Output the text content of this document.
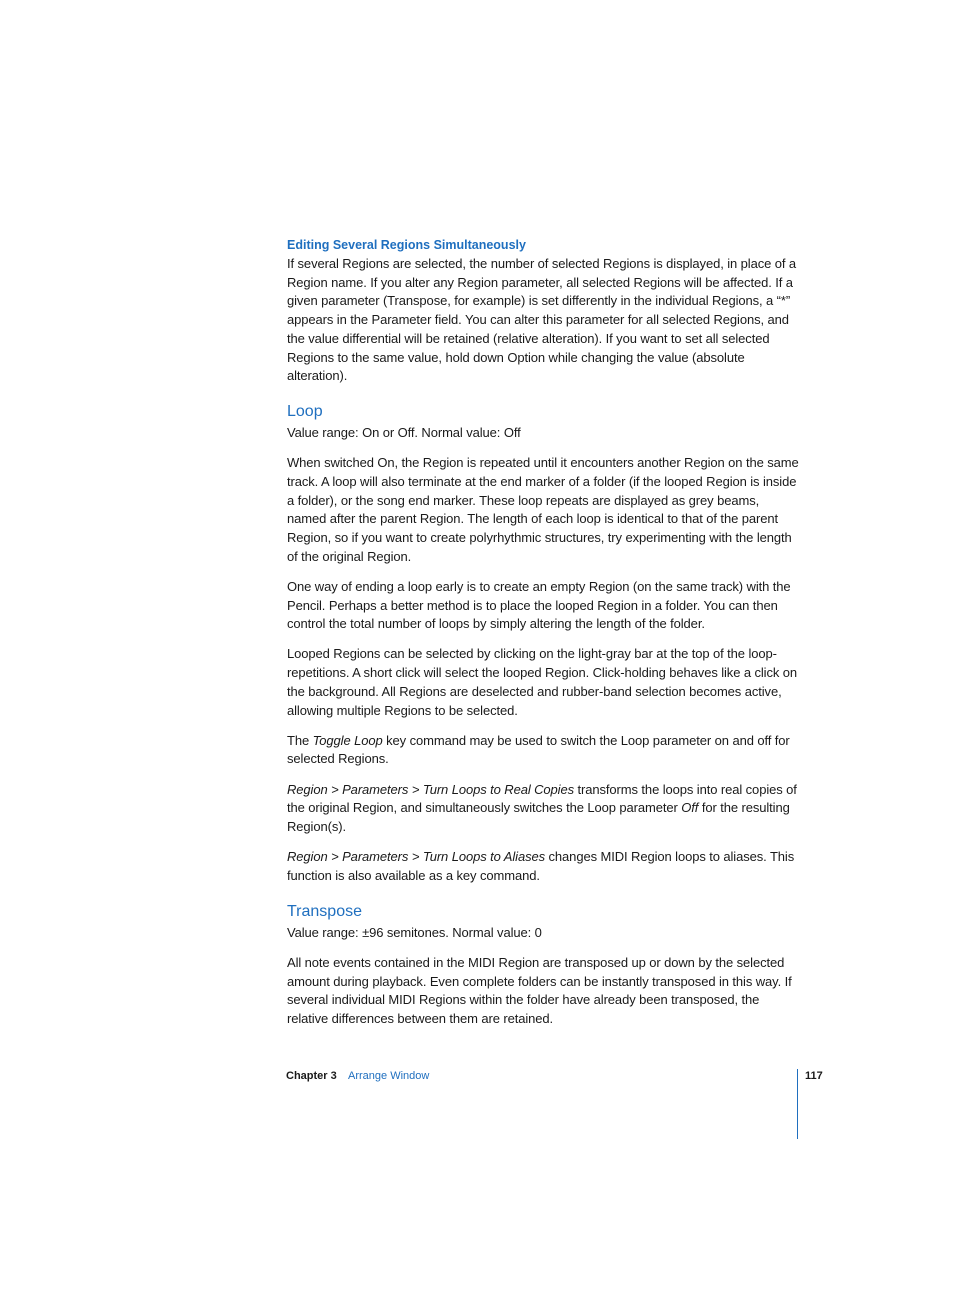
Editing Several Regions Simultaneously

If several Regions are selected, the number of selected Regions is displayed, in place of a Region name. If you alter any Region parameter, all selected Regions will be affected. If a given parameter (Transpose, for example) is set differently in the individual Regions, a “*” appears in the Parameter field. You can alter this parameter for all selected Regions, and the value differential will be retained (relative alteration). If you want to set all selected Regions to the same value, hold down Option while changing the value (absolute alteration).

Loop

Value range: On or Off. Normal value: Off

When switched On, the Region is repeated until it encounters another Region on the same track. A loop will also terminate at the end marker of a folder (if the looped Region is inside a folder), or the song end marker. These loop repeats are displayed as grey beams, named after the parent Region. The length of each loop is identical to that of the parent Region, so if you want to create polyrhythmic structures, try experimenting with the length of the original Region.

One way of ending a loop early is to create an empty Region (on the same track) with the Pencil. Perhaps a better method is to place the looped Region in a folder. You can then control the total number of loops by simply altering the length of the folder.

Looped Regions can be selected by clicking on the light-gray bar at the top of the loop-repetitions. A short click will select the looped Region. Click-holding behaves like a click on the background. All Regions are deselected and rubber-band selection becomes active, allowing multiple Regions to be selected.

The Toggle Loop key command may be used to switch the Loop parameter on and off for selected Regions.

Region > Parameters > Turn Loops to Real Copies transforms the loops into real copies of the original Region, and simultaneously switches the Loop parameter Off for the resulting Region(s).

Region > Parameters > Turn Loops to Aliases changes MIDI Region loops to aliases. This function is also available as a key command.

Transpose

Value range: ±96 semitones. Normal value: 0

All note events contained in the MIDI Region are transposed up or down by the selected amount during playback. Even complete folders can be instantly transposed in this way. If several individual MIDI Regions within the folder have already been transposed, the relative differences between them are retained.

Chapter 3 Arrange Window	117
